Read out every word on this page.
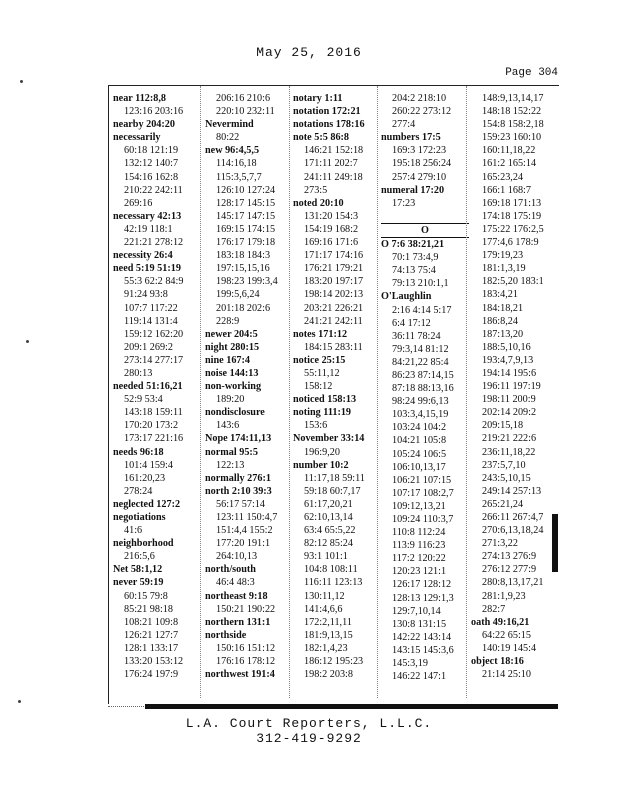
May 25, 2016
Page 304
near 112:8,8
123:16 203:16
nearby 204:20
necessarily
60:18 121:19
132:12 140:7
154:16 162:8
210:22 242:11
269:16
necessary 42:13
42:19 118:1
221:21 278:12
necessity 26:4
need 5:19 51:19
55:3 62:2 84:9
91:24 93:8
107:7 117:22
119:14 131:4
159:12 162:20
209:1 269:2
273:14 277:17
280:13
needed 51:16,21
52:9 53:4
143:18 159:11
170:20 173:2
173:17 221:16
needs 96:18
101:4 159:4
161:20,23
278:24
neglected 127:2
negotiations
41:6
neighborhood
216:5,6
Net 58:1,12
never 59:19
60:15 79:8
85:21 98:18
108:21 109:8
126:21 127:7
128:1 133:17
133:20 153:12
176:24 197:9
206:16 210:6
220:10 232:11
Nevermind
80:22
new 96:4,5,5
114:16,18
115:3,5,7,7
126:10 127:24
128:17 145:15
145:17 147:15
169:15 174:15
176:17 179:18
183:18 184:3
197:15,15,16
198:23 199:3,4
199:5,6,24
201:18 202:6
228:9
newer 204:5
night 280:15
nine 167:4
noise 144:13
non-working
189:20
nondisclosure
143:6
Nope 174:11,13
normal 95:5
122:13
normally 276:1
north 2:10 39:3
56:17 57:14
123:11 150:4,7
151:4,4 155:2
177:20 191:1
264:10,13
north/south
46:4 48:3
northeast 9:18
150:21 190:22
northern 131:1
northside
150:16 151:12
176:16 178:12
northwest 191:4
notary 1:11
notation 172:21
notations 178:16
note 5:5 86:8
146:21 152:18
171:11 202:7
241:11 249:18
273:5
noted 20:10
131:20 154:3
154:19 168:2
169:16 171:6
171:17 174:16
176:21 179:21
183:20 197:17
198:14 202:13
203:21 226:21
241:21 242:11
notes 171:12
184:15 283:11
notice 25:15
55:11,12
158:12
noticed 158:13
noting 111:19
153:6
November 33:14
196:9,20
number 10:2
11:17,18 59:11
59:18 60:7,17
61:17,20,21
62:10,13,14
63:4 65:5,22
82:12 85:24
93:1 101:1
104:8 108:11
116:11 123:13
130:11,12
141:4,6,6
172:2,11,11
181:9,13,15
182:1,4,23
186:12 195:23
198:2 203:8
204:2 218:10
260:22 273:12
277:4
numbers 17:5
169:3 172:23
195:18 256:24
257:4 279:10
numeral 17:20
17:23
O
O 7:6 38:21,21
70:1 73:4,9
74:13 75:4
79:13 210:1,1
O'Laughlin
2:16 4:14 5:17
6:4 17:12
36:11 78:24
79:3,14 81:12
84:21,22 85:4
86:23 87:14,15
87:18 88:13,16
98:24 99:6,13
103:3,4,15,19
103:24 104:2
104:21 105:8
105:24 106:5
106:10,13,17
106:21 107:15
107:17 108:2,7
109:12,13,21
109:24 110:3,7
110:8 112:24
113:9 116:23
117:2 120:22
120:23 121:1
126:17 128:12
128:13 129:1,3
129:7,10,14
130:8 131:15
142:22 143:14
143:15 145:3,6
145:3,19
146:22 147:1
148:9,13,14,17
148:18 152:22
154:8 158:2,18
159:23 160:10
160:11,18,22
161:2 165:14
165:23,24
166:1 168:7
169:18 171:13
174:18 175:19
175:22 176:2,5
177:4,6 178:9
179:19,23
181:1,3,19
182:5,20 183:1
183:4,21
184:18,21
186:8,24
187:13,20
188:5,10,16
193:4,7,9,13
194:14 195:6
196:11 197:19
198:11 200:9
202:14 209:2
209:15,18
219:21 222:6
236:11,18,22
237:5,7,10
243:5,10,15
249:14 257:13
265:21,24
266:11 267:4,7
270:6,13,18,24
271:3,22
274:13 276:9
276:12 277:9
280:8,13,17,21
281:1,9,23
282:7
oath 49:16,21
64:22 65:15
140:19 145:4
object 18:16
21:14 25:10
L.A. Court Reporters, L.L.C.
312-419-9292
